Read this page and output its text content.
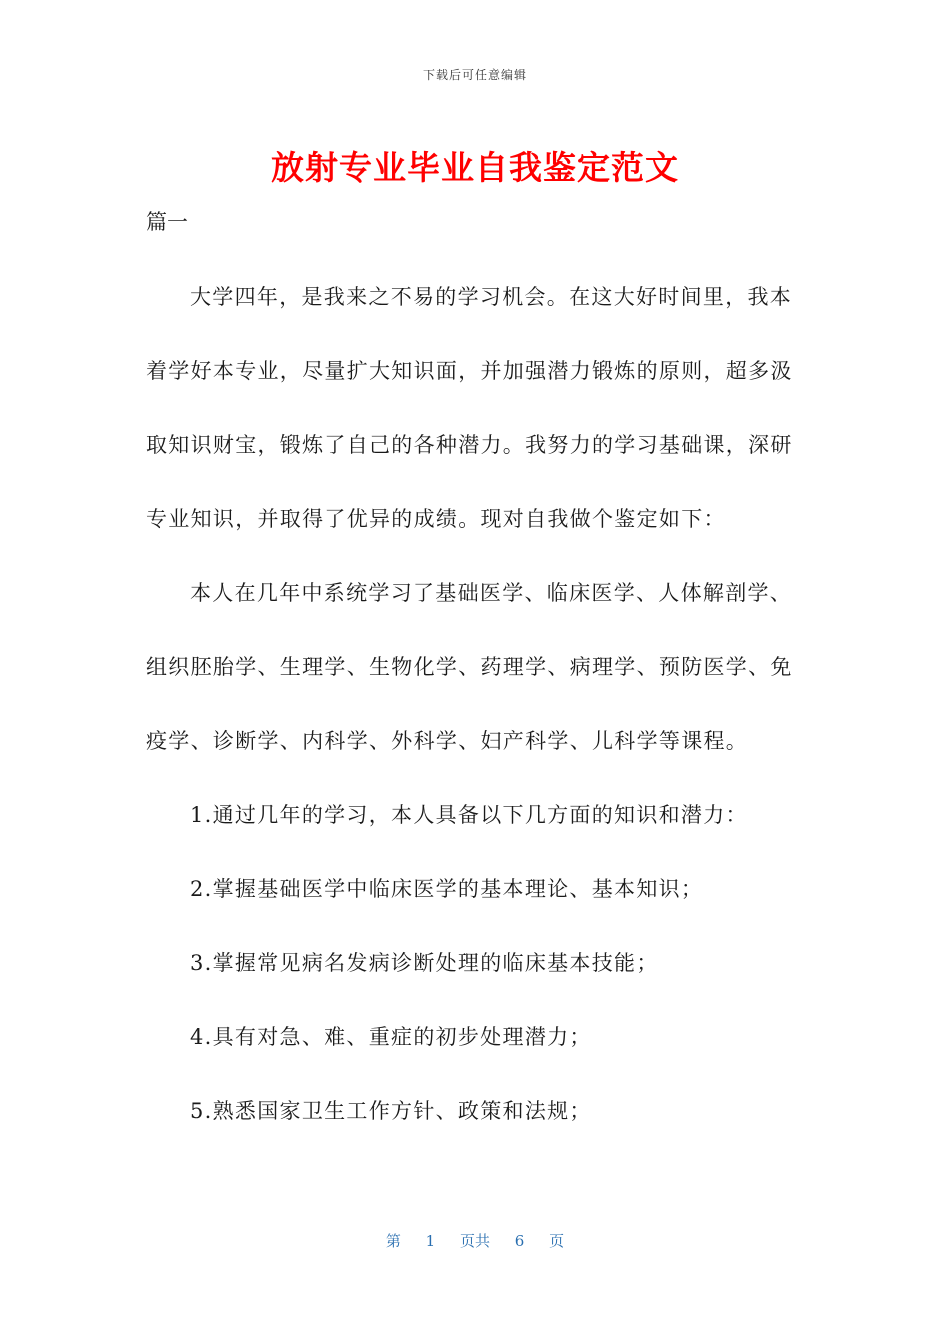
下载后可任意编辑
放射专业毕业自我鉴定范文
篇一
大学四年，是我来之不易的学习机会。在这大好时间里，我本
着学好本专业，尽量扩大知识面，并加强潜力锻炼的原则，超多汲
取知识财宝，锻炼了自己的各种潜力。我努力的学习基础课，深研
专业知识，并取得了优异的成绩。现对自我做个鉴定如下：
本人在几年中系统学习了基础医学、临床医学、人体解剖学、
组织胚胎学、生理学、生物化学、药理学、病理学、预防医学、免
疫学、诊断学、内科学、外科学、妇产科学、儿科学等课程。
1.通过几年的学习，本人具备以下几方面的知识和潜力：
2.掌握基础医学中临床医学的基本理论、基本知识；
3.掌握常见病名发病诊断处理的临床基本技能；
4.具有对急、难、重症的初步处理潜力；
5.熟悉国家卫生工作方针、政策和法规；
第 1 页共 6 页
